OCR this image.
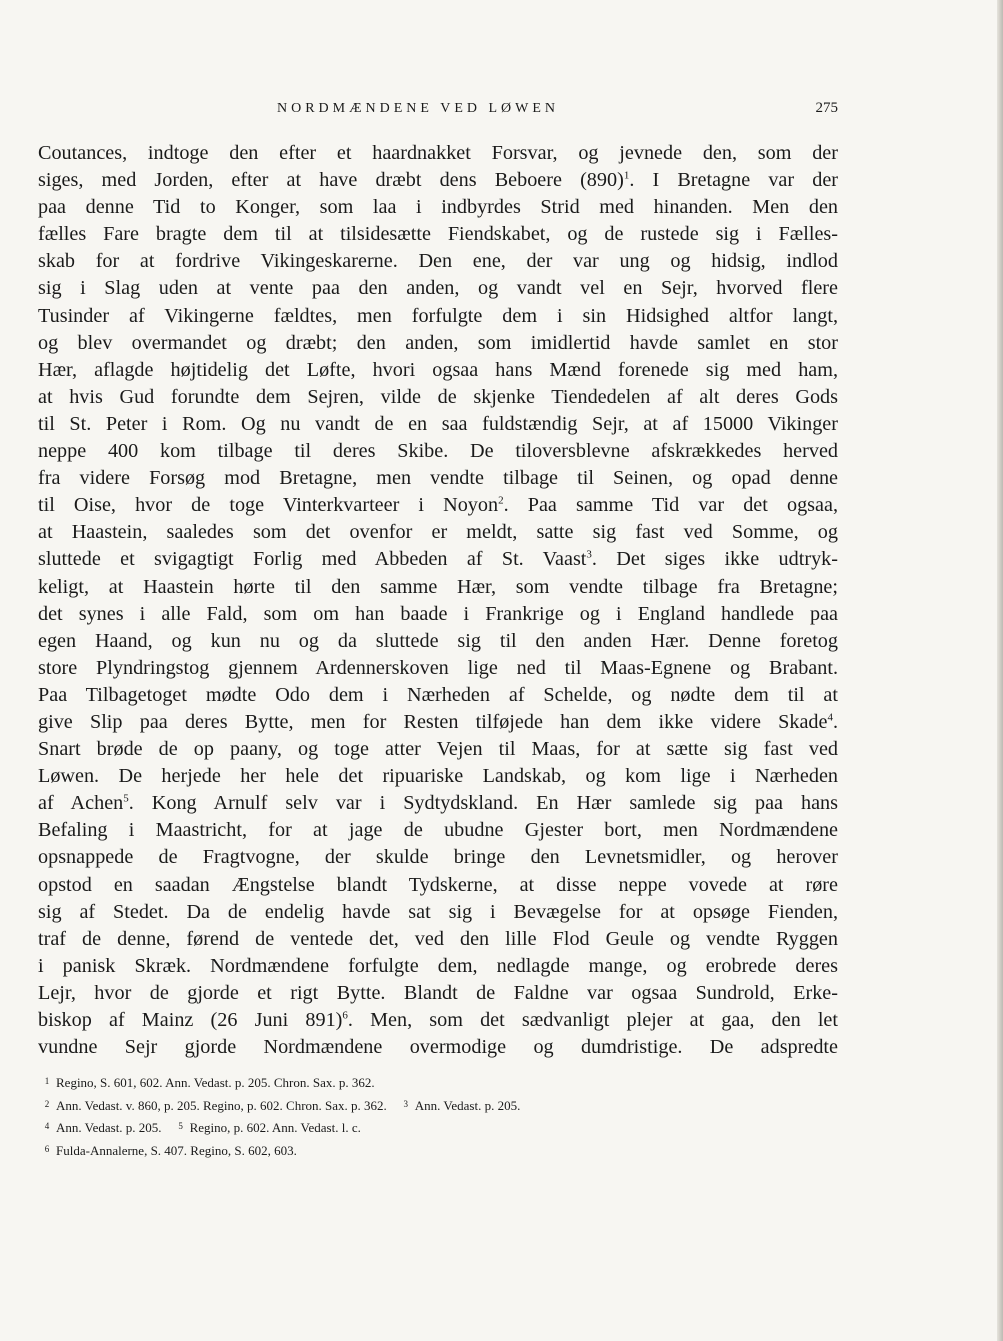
NORDMÆNDENE VED LØWEN	275
Coutances, indtoge den efter et haardnakket Forsvar, og jevnede den, som der
siges, med Jorden, efter at have dræbt dens Beboere (890)$^1$. I Bretagne var der
paa denne Tid to Konger, som laa i indbyrdes Strid med hinanden. Men den
fælles Fare bragte dem til at tilsidesætte Fiendskabet, og de rustede sig i Fælles-
skab for at fordrive Vikingeskarerne. Den ene, der var ung og hidsig, indlod
sig i Slag uden at vente paa den anden, og vandt vel en Sejr, hvorved flere
Tusinder af Vikingerne fældtes, men forfulgte dem i sin Hidsighed altfor langt,
og blev overmandet og dræbt; den anden, som imidlertid havde samlet en stor
Hær, aflagde højtidelig det Løfte, hvori ogsaa hans Mænd forenede sig med ham,
at hvis Gud forundte dem Sejren, vilde de skjenke Tiendedelen af alt deres Gods
til St. Peter i Rom. Og nu vandt de en saa fuldstændig Sejr, at af 15000 Vikinger
neppe 400 kom tilbage til deres Skibe. De tiloversblevne afskrækkedes herved
fra videre Forsøg mod Bretagne, men vendte tilbage til Seinen, og opad denne
til Oise, hvor de toge Vinterkvarteer i Noyon$^2$. Paa samme Tid var det ogsaa,
at Haastein, saaledes som det ovenfor er meldt, satte sig fast ved Somme, og
sluttede et svigagtigt Forlig med Abbeden af St. Vaast$^3$. Det siges ikke udtryk-
keligt, at Haastein hørte til den samme Hær, som vendte tilbage fra Bretagne;
det synes i alle Fald, som om han baade i Frankrige og i England handlede paa
egen Haand, og kun nu og da sluttede sig til den anden Hær. Denne foretog
store Plyndringstog gjennem Ardennerskoven lige ned til Maas-Egnene og Brabant.
Paa Tilbagetoget mødte Odo dem i Nærheden af Schelde, og nødte dem til at
give Slip paa deres Bytte, men for Resten tilføjede han dem ikke videre Skade$^4$.
Snart brøde de op paany, og toge atter Vejen til Maas, for at sætte sig fast ved
Løwen. De herjede her hele det ripuariske Landskab, og kom lige i Nærheden
af Achen$^5$. Kong Arnulf selv var i Sydtydskland. En Hær samlede sig paa hans
Befaling i Maastricht, for at jage de ubudne Gjester bort, men Nordmændene
opsnappede de Fragtvogne, der skulde bringe den Levnetsmidler, og herover
opstod en saadan Ængstelse blandt Tydskerne, at disse neppe vovede at røre
sig af Stedet. Da de endelig havde sat sig i Bevægelse for at opsøge Fienden,
traf de denne, førend de ventede det, ved den lille Flod Geule og vendte Ryggen
i panisk Skræk. Nordmændene forfulgte dem, nedlagde mange, og erobrede deres
Lejr, hvor de gjorde et rigt Bytte. Blandt de Faldne var ogsaa Sundrold, Erke-
biskop af Mainz (26 Juni 891)$^6$. Men, som det sædvanligt plejer at gaa, den let
vundne Sejr gjorde Nordmændene overmodige og dumdristige. De adspredte
1 Regino, S. 601, 602. Ann. Vedast. p. 205. Chron. Sax. p. 362.
2 Ann. Vedast. v. 860, p. 205. Regino, p. 602. Chron. Sax. p. 362. 3 Ann. Vedast. p. 205.
4 Ann. Vedast. p. 205. 5 Regino, p. 602. Ann. Vedast. l. c.
6 Fulda-Annalerne, S. 407. Regino, S. 602, 603.
